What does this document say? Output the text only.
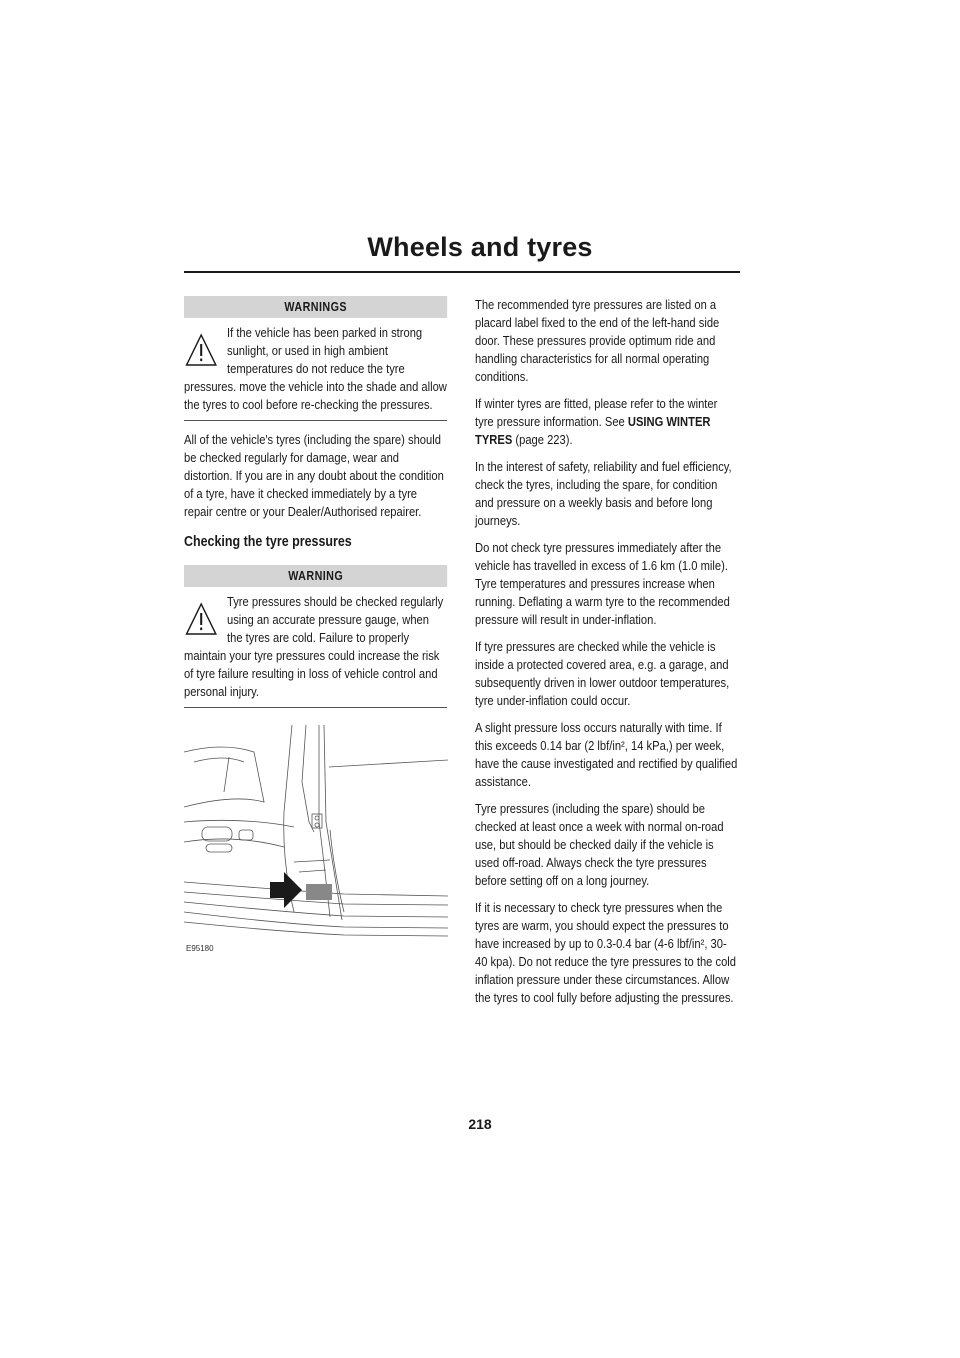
Wheels and tyres
WARNINGS

If the vehicle has been parked in strong sunlight, or used in high ambient temperatures do not reduce the tyre pressures. move the vehicle into the shade and allow the tyres to cool before re-checking the pressures.

All of the vehicle's tyres (including the spare) should be checked regularly for damage, wear and distortion. If you are in any doubt about the condition of a tyre, have it checked immediately by a tyre repair centre or your Dealer/Authorised repairer.

Checking the tyre pressures
WARNING

Tyre pressures should be checked regularly using an accurate pressure gauge, when the tyres are cold. Failure to properly maintain your tyre pressures could increase the risk of tyre failure resulting in loss of vehicle control and personal injury.

E95180

The recommended tyre pressures are listed on a placard label fixed to the end of the left-hand side door. These pressures provide optimum ride and handling characteristics for all normal operating conditions.

If winter tyres are fitted, please refer to the winter tyre pressure information. See USING WINTER TYRES (page 223).

In the interest of safety, reliability and fuel efficiency, check the tyres, including the spare, for condition and pressure on a weekly basis and before long journeys.

Do not check tyre pressures immediately after the vehicle has travelled in excess of 1.6 km (1.0 mile). Tyre temperatures and pressures increase when running. Deflating a warm tyre to the recommended pressure will result in under-inflation.

If tyre pressures are checked while the vehicle is inside a protected covered area, e.g. a garage, and subsequently driven in lower outdoor temperatures, tyre under-inflation could occur.

A slight pressure loss occurs naturally with time. If this exceeds 0.14 bar (2 lbf/in², 14 kPa,) per week, have the cause investigated and rectified by qualified assistance.

Tyre pressures (including the spare) should be checked at least once a week with normal on-road use, but should be checked daily if the vehicle is used off-road. Always check the tyre pressures before setting off on a long journey.

If it is necessary to check tyre pressures when the tyres are warm, you should expect the pressures to have increased by up to 0.3-0.4 bar (4-6 lbf/in², 30-40 kpa). Do not reduce the tyre pressures to the cold inflation pressure under these circumstances. Allow the tyres to cool fully before adjusting the pressures.

218
